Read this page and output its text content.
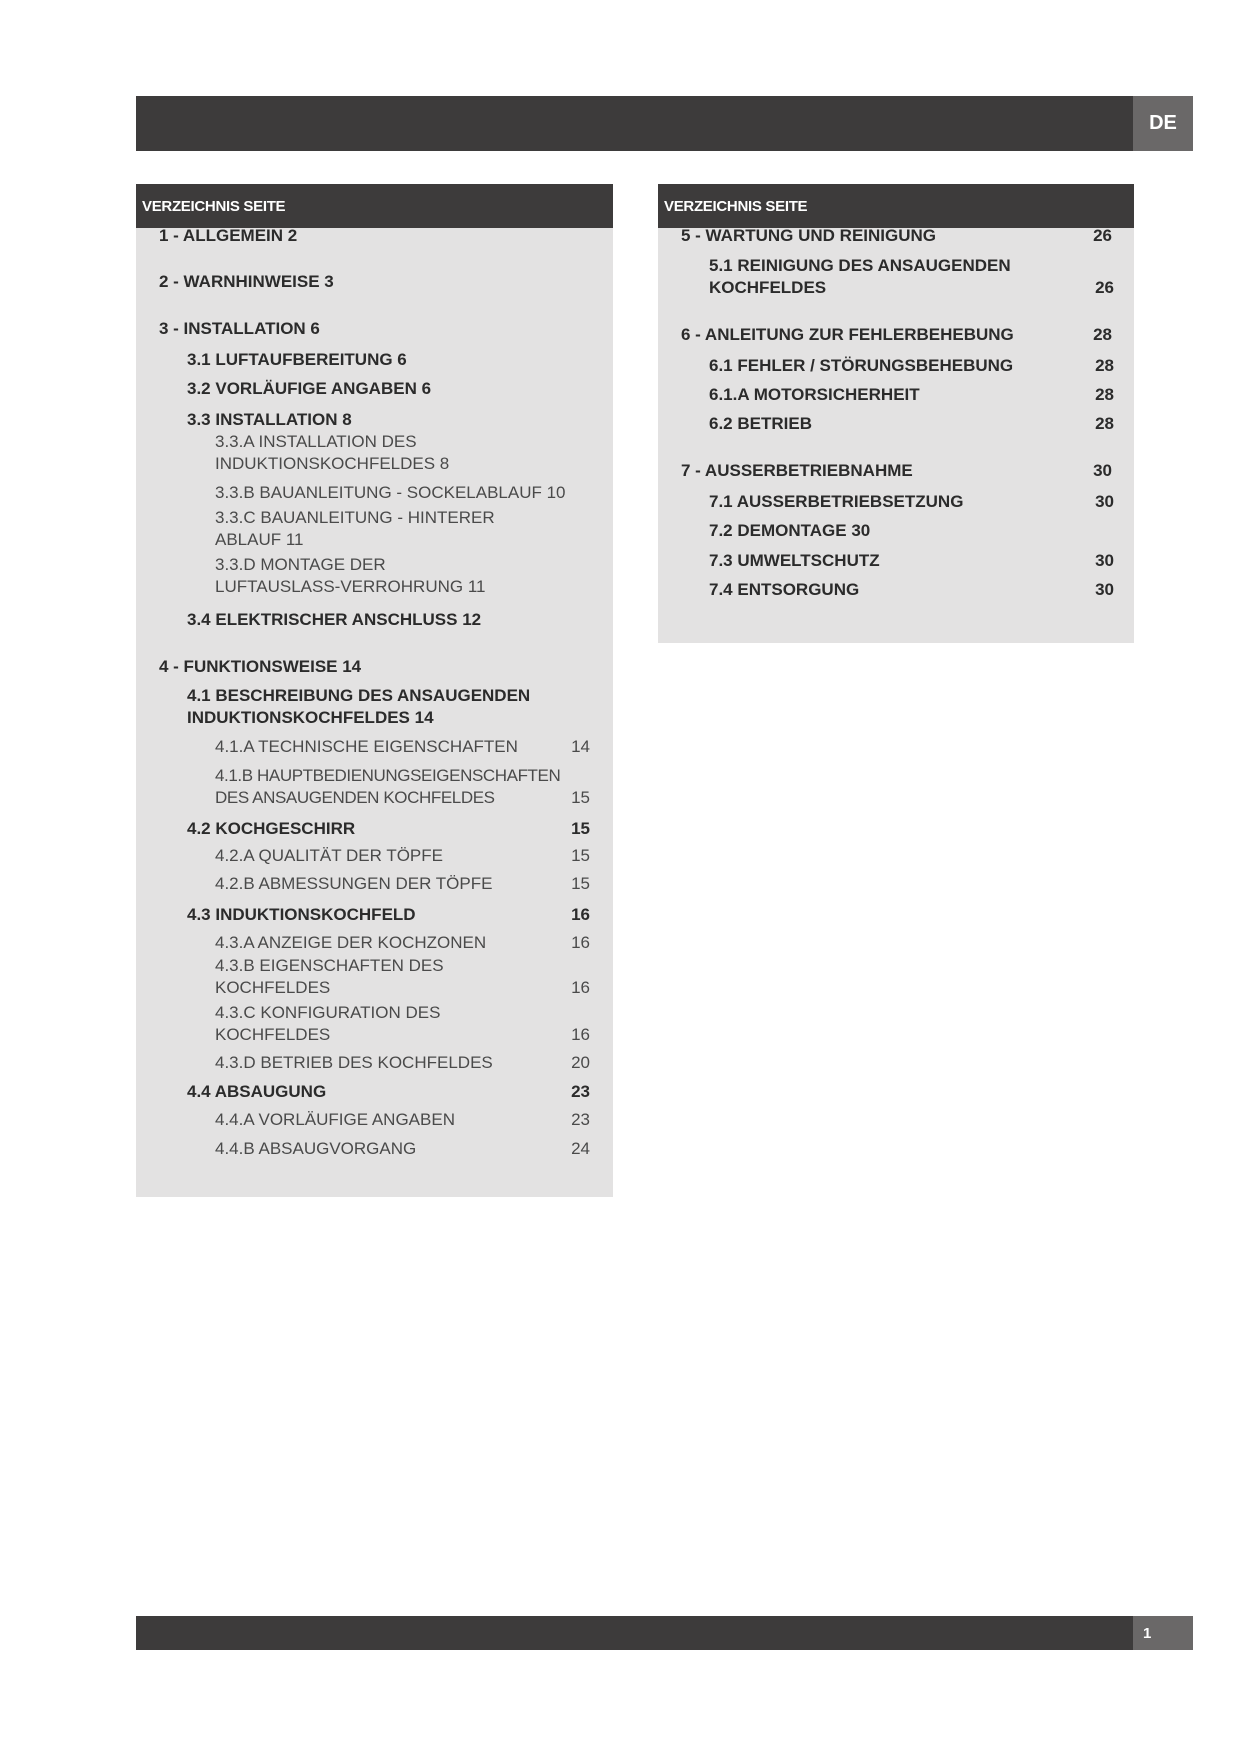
DE
VERZEICHNIS SEITE
1 - ALLGEMEIN 2
2 - WARNHINWEISE 3
3 - INSTALLATION 6
3.1 LUFTAUFBEREITUNG 6
3.2 VORLÄUFIGE ANGABEN 6
3.3 INSTALLATION 8
3.3.A INSTALLATION DES
INDUKTIONSKOCHFELDES 8
3.3.B BAUANLEITUNG - SOCKELABLAUF 10
3.3.C BAUANLEITUNG - HINTERER
ABLAUF 11
3.3.D MONTAGE DER
LUFTAUSLASS-VERROHRUNG 11
3.4 ELEKTRISCHER ANSCHLUSS 12
4 - FUNKTIONSWEISE 14
4.1 BESCHREIBUNG DES ANSAUGENDEN
INDUKTIONSKOCHFELDES 14
4.1.A TECHNISCHE EIGENSCHAFTEN	14
4.1.B HAUPTBEDIENUNGSEIGENSCHAFTEN
DES ANSAUGENDEN KOCHFELDES	15
4.2 KOCHGESCHIRR	15
4.2.A QUALITÄT DER TÖPFE	15
4.2.B ABMESSUNGEN DER TÖPFE	15
4.3 INDUKTIONSKOCHFELD	16
4.3.A ANZEIGE DER KOCHZONEN	16
4.3.B EIGENSCHAFTEN DES
KOCHFELDES	16
4.3.C KONFIGURATION DES
KOCHFELDES	16
4.3.D BETRIEB DES KOCHFELDES	20
4.4 ABSAUGUNG	23
4.4.A VORLÄUFIGE ANGABEN	23
4.4.B ABSAUGVORGANG	24
VERZEICHNIS SEITE
5 - WARTUNG UND REINIGUNG	26
5.1 REINIGUNG DES ANSAUGENDEN
KOCHFELDES	26
6 - ANLEITUNG ZUR FEHLERBEHEBUNG	28
6.1 FEHLER / STÖRUNGSBEHEBUNG	28
6.1.A MOTORSICHERHEIT	28
6.2 BETRIEB	28
7 - AUSSERBETRIEBNAHME	30
7.1 AUSSERBETRIEBSETZUNG	30
7.2 DEMONTAGE 30
7.3 UMWELTSCHUTZ	30
7.4 ENTSORGUNG	30
1
